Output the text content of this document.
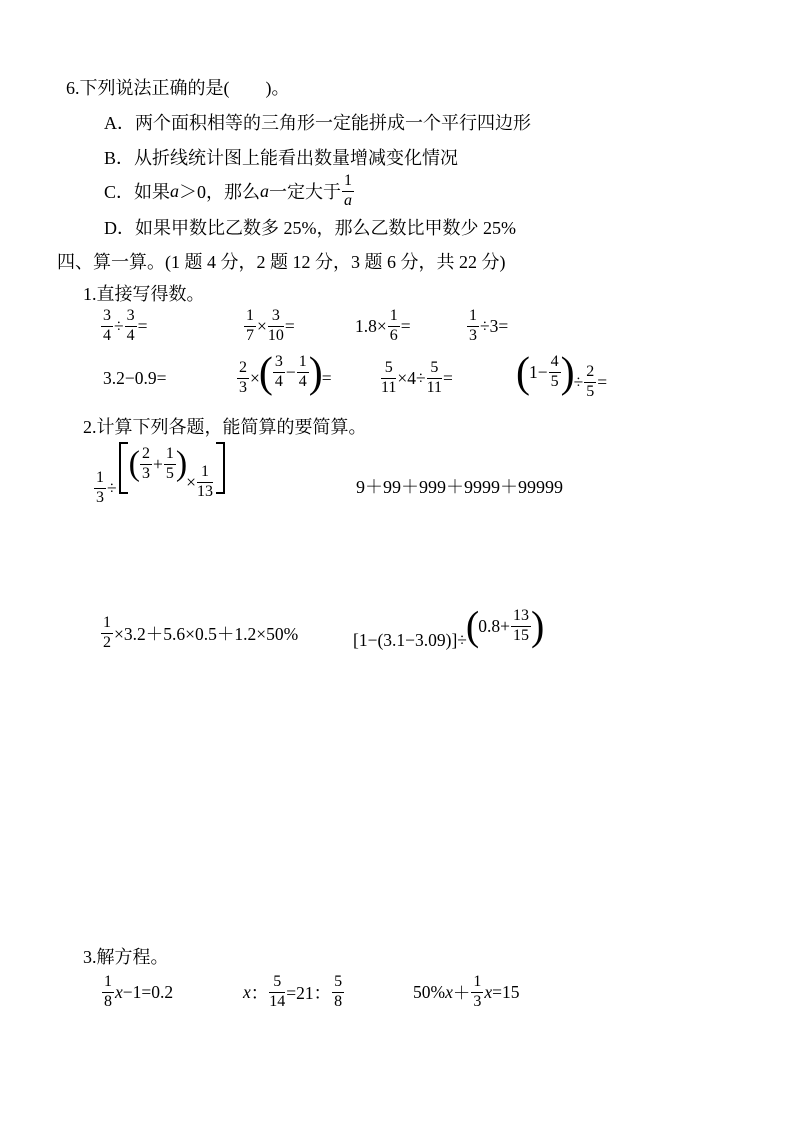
6.下列说法正确的是(　　)。
A．两个面积相等的三角形一定能拼成一个平行四边形
B．从折线统计图上能看出数量增减变化情况
C．如果 a ＞0，那么 a 一定大于 $\frac{1}{a}$
D．如果甲数比乙数多 25%，那么乙数比甲数少 25%
四、算一算。(1 题 4 分，2 题 12 分，3 题 6 分，共 22 分)
1.直接写得数。
$\frac{3}{4} \div \frac{3}{4}$ =	$\frac{1}{7} \times \frac{3}{10}$ =	$1.8\times \frac{1}{6}$ =	$\frac{1}{3} \div 3=$
3.2−0.9=	$\frac{2}{3}$ × ( $\frac{3}{4} - \frac{1}{4}$ ) =	$\frac{5}{11} \times 4\div \frac{5}{11}$ = ( $1- \frac{4}{5}$ ) ÷ $\frac{2}{5}$ =
2.计算下列各题，能简算的要简算。
$\frac{1}{3}$ ÷
( $\frac{2}{3} + \frac{1}{5}$ ) × $\frac{1}{13}$	9＋99＋999＋9999＋99999
$\frac{1}{2} \times 3.2+5.6\times 0.5+1.2\times 50\%$	[1−(3.1−3.09)]÷ ( $0.8+ \frac{13}{15}$ )
3.解方程。
$\frac{1}{8}$ x −1=0.2	x ： $\frac{5}{14} =21$： $\frac{5}{8}$	50% $x + \frac{1}{3}$ x =15
